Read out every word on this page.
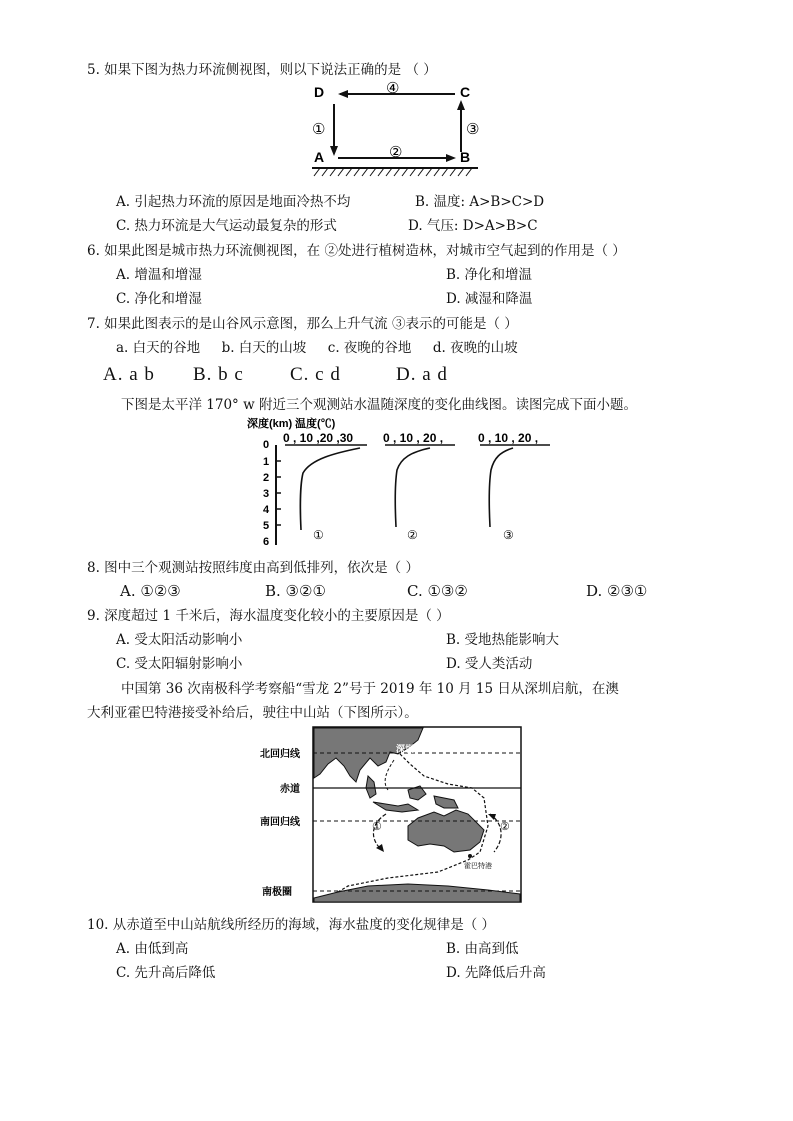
5. 如果下图为热力环流侧视图，则以下说法正确的是 （ ）
D	C
A	B
①
②
③
④
A. 引起热力环流的原因是地面冷热不均	B. 温度: A>B>C>D
C. 热力环流是大气运动最复杂的形式	D. 气压: D>A>B>C
6. 如果此图是城市热力环流侧视图，在 ②处进行植树造林，对城市空气起到的作用是（ ）
A. 增温和增湿	B. 净化和增温
C. 净化和增湿	D. 减湿和降温
7. 如果此图表示的是山谷风示意图，那么上升气流 ③表示的可能是（ ）
a. 白天的谷地     b. 白天的山坡     c. 夜晚的谷地     d. 夜晚的山坡
A. a b B. b c C. c d	D. a d
下图是太平洋 170° w 附近三个观测站水温随深度的变化曲线图。读图完成下面小题。
深度(km) 温度(℃)
0
1
2
3
4
5
6
0 , 10 ,20 ,30
①
0 , 10 , 20 ,
②
0 , 10 , 20 ,
③
8. 图中三个观测站按照纬度由高到低排列，依次是（ ）
A. ①②③	B. ③②①	C. ①③②	D. ②③①
9. 深度超过 1 千米后，海水温度变化较小的主要原因是（ ）
A. 受太阳活动影响小	B. 受地热能影响大
C. 受太阳辐射影响小	D. 受人类活动
中国第 36 次南极科学考察船“雪龙 2”号于 2019 年 10 月 15 日从深圳启航，在澳
大利亚霍巴特港接受补给后，驶往中山站（下图所示）。
北回归线
赤道
南回归线
南极圈
深圳
①	②
霍巴特港
10. 从赤道至中山站航线所经历的海域，海水盐度的变化规律是（ ）
A. 由低到高	B. 由高到低
C. 先升高后降低	D. 先降低后升高
